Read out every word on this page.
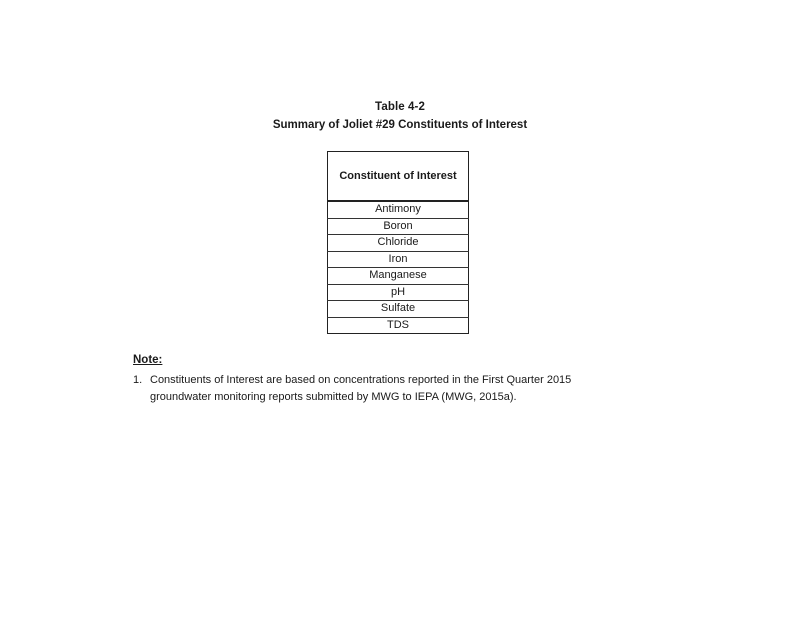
Table 4-2
Summary of Joliet #29 Constituents of Interest
Constituent of Interest
Antimony
Boron
Chloride
Iron
Manganese
pH
Sulfate
TDS
Note:
1. Constituents of Interest are based on concentrations reported in the First Quarter 2015
groundwater monitoring reports submitted by MWG to IEPA (MWG, 2015a).
